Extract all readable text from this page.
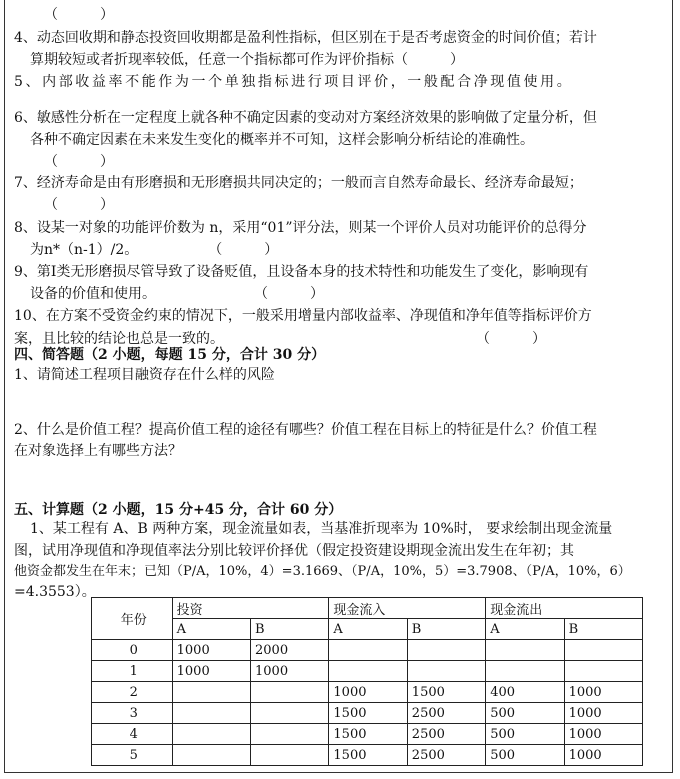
（　　　）
4、动态回收期和静态投资回收期都是盈利性指标，但区别在于是否考虑资金的时间价值；若计
算期较短或者折现率较低，任意一个指标都可作为评价指标（　　　）
5、内部收益率不能作为一个单独指标进行项目评价，一般配合净现值使用。
6、敏感性分析在一定程度上就各种不确定因素的变动对方案经济效果的影响做了定量分析，但
各种不确定因素在未来发生变化的概率并不可知，这样会影响分析结论的准确性。
（　　　）
7、经济寿命是由有形磨损和无形磨损共同决定的；一般而言自然寿命最长、经济寿命最短；
（　　　）
8、设某一对象的功能评价数为 n，采用“01”评分法，则某一个评价人员对功能评价的总得分
为n*（n-1）/2。　　　　　　（　　　）
9、第Ⅰ类无形磨损尽管导致了设备贬值，且设备本身的技术特性和功能发生了变化，影响现有
设备的价值和使用。　　　　　　　　（　　　）
10、在方案不受资金约束的情况下，一般采用增量内部收益率、净现值和净年值等指标评价方
案，且比较的结论也总是一致的。　　　　　　　　　　　　　　　　　　　（　　　）
四、简答题（2 小题，每题 15 分，合计 30 分）
1、请简述工程项目融资存在什么样的风险
2、什么是价值工程？提高价值工程的途径有哪些？价值工程在目标上的特征是什么？价值工程
在对象选择上有哪些方法？
五、计算题（2 小题，15 分+45 分，合计 60 分）
1、某工程有 A、B 两种方案，现金流量如表，当基准折现率为 10%时， 要求绘制出现金流量
图，试用净现值和净现值率法分别比较评价择优（假定投资建设期现金流出发生在年初；其
他资金都发生在年末；已知（P/A，10%，4）=3.1669、（P/A，10%，5）=3.7908、（P/A，10%，6）
=4.3553）。
年份	投资		现金流入		现金流出	
	A	B	A	B	A	B
0	1000	2000				
1	1000	1000				
2			1000	1500	400	1000
3			1500	2500	500	1000
4			1500	2500	500	1000
5			1500	2500	500	1000
